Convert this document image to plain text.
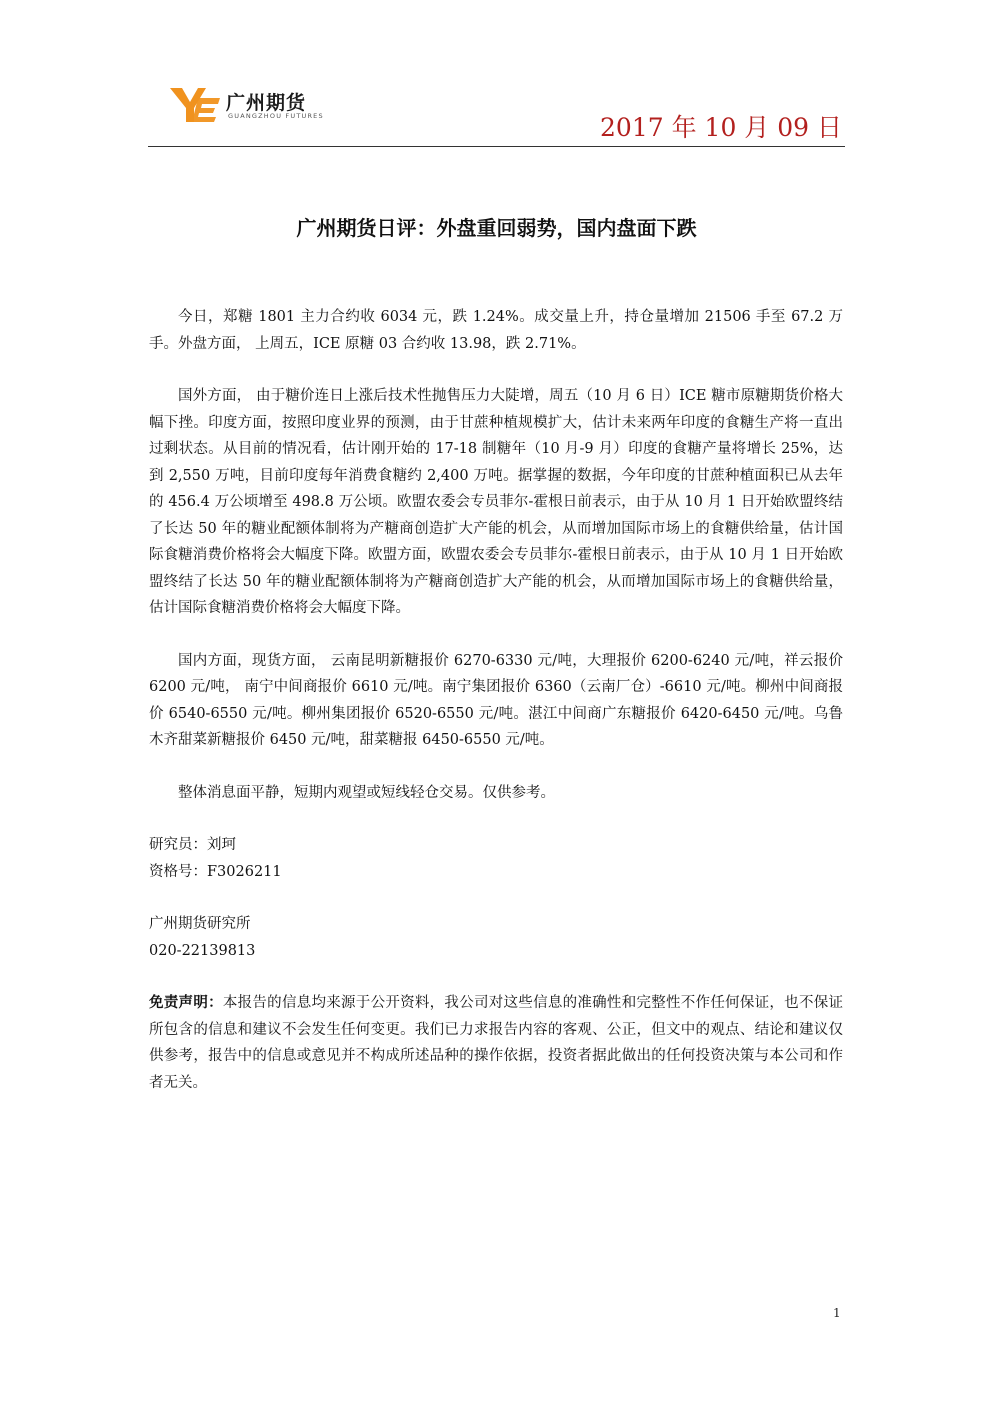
广州期货
GUANGZHOU FUTURES	2017 年 10 月 09 日
广州期货日评：外盘重回弱势，国内盘面下跌

今日，郑糖 1801 主力合约收 6034 元，跌 1.24%。成交量上升，持仓量增加 21506 手至 67.2 万手。外盘方面， 上周五，ICE 原糖 03 合约收 13.98，跌 2.71%。

国外方面， 由于糖价连日上涨后技术性抛售压力大陡增，周五（10 月 6 日）ICE 糖市原糖期货价格大幅下挫。印度方面，按照印度业界的预测，由于甘蔗种植规模扩大，估计未来两年印度的食糖生产将一直出过剩状态。从目前的情况看，估计刚开始的 17-18 制糖年（10 月-9 月）印度的食糖产量将增长 25%，达到 2,550 万吨，目前印度每年消费食糖约 2,400 万吨。据掌握的数据，今年印度的甘蔗种植面积已从去年的 456.4 万公顷增至 498.8 万公顷。欧盟农委会专员菲尔-霍根日前表示，由于从 10 月 1 日开始欧盟终结了长达 50 年的糖业配额体制将为产糖商创造扩大产能的机会，从而增加国际市场上的食糖供给量，估计国际食糖消费价格将会大幅度下降。欧盟方面，欧盟农委会专员菲尔-霍根日前表示，由于从 10 月 1 日开始欧盟终结了长达 50 年的糖业配额体制将为产糖商创造扩大产能的机会，从而增加国际市场上的食糖供给量，估计国际食糖消费价格将会大幅度下降。

国内方面，现货方面， 云南昆明新糖报价 6270-6330 元/吨，大理报价 6200-6240 元/吨，祥云报价 6200 元/吨， 南宁中间商报价 6610 元/吨。南宁集团报价 6360（云南厂仓）-6610 元/吨。柳州中间商报价 6540-6550 元/吨。柳州集团报价 6520-6550 元/吨。湛江中间商广东糖报价 6420-6450 元/吨。乌鲁木齐甜菜新糖报价 6450 元/吨，甜菜糖报 6450-6550 元/吨。

整体消息面平静，短期内观望或短线轻仓交易。仅供参考。

研究员：刘珂

资格号：F3026211

广州期货研究所

020-22139813

免责声明：本报告的信息均来源于公开资料，我公司对这些信息的准确性和完整性不作任何保证，也不保证所包含的信息和建议不会发生任何变更。我们已力求报告内容的客观、公正，但文中的观点、结论和建议仅供参考，报告中的信息或意见并不构成所述品种的操作依据，投资者据此做出的任何投资决策与本公司和作者无关。

1
